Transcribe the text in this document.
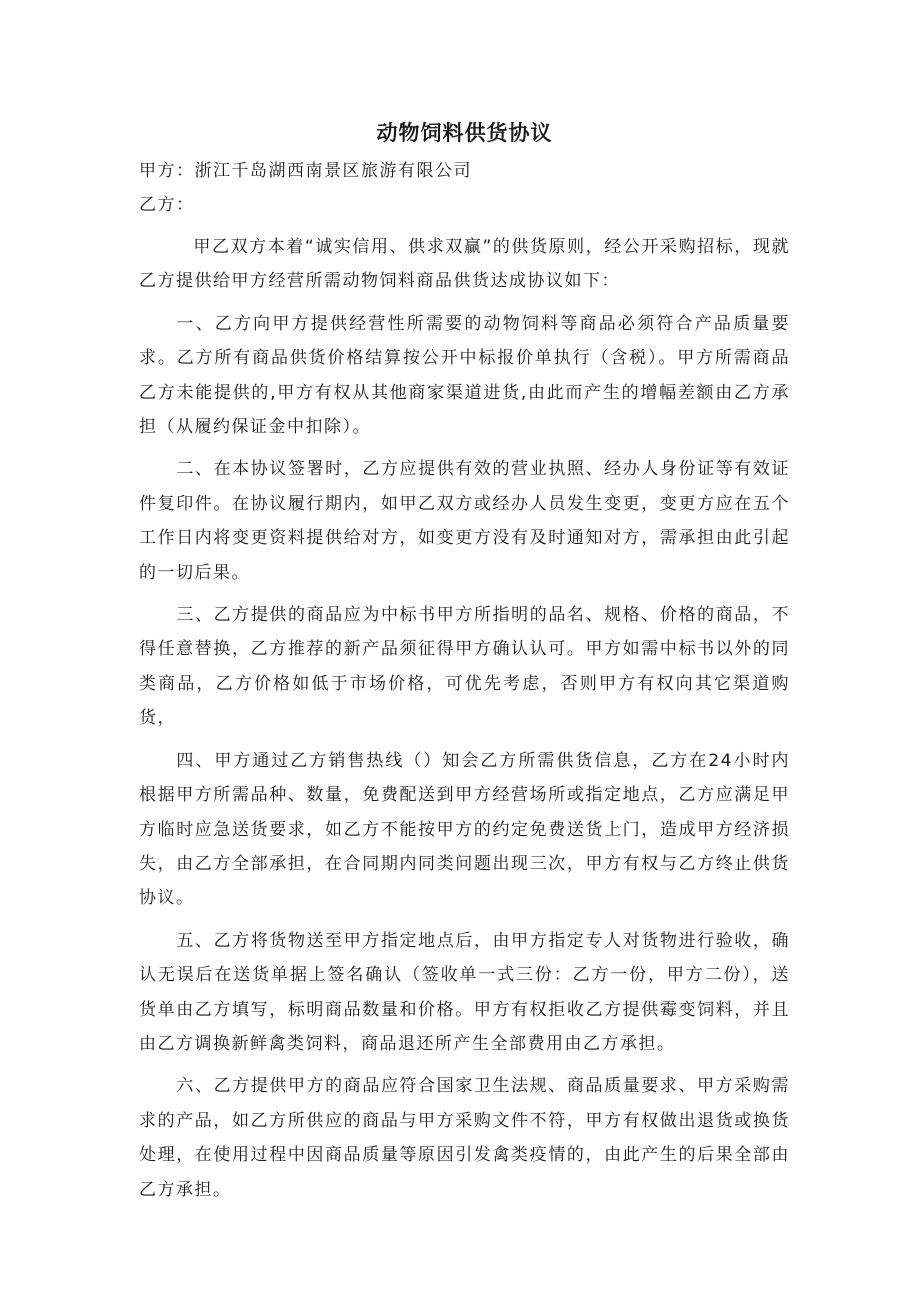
动物饲料供货协议

甲方：浙江千岛湖西南景区旅游有限公司

乙方：

甲乙双方本着“诚实信用、供求双赢”的供货原则，经公开采购招标，现就乙方提供给甲方经营所需动物饲料商品供货达成协议如下：

一、乙方向甲方提供经营性所需要的动物饲料等商品必须符合产品质量要求。乙方所有商品供货价格结算按公开中标报价单执行（含税）。甲方所需商品乙方未能提供的,甲方有权从其他商家渠道进货,由此而产生的增幅差额由乙方承担（从履约保证金中扣除）。

二、在本协议签署时，乙方应提供有效的营业执照、经办人身份证等有效证件复印件。在协议履行期内，如甲乙双方或经办人员发生变更，变更方应在五个工作日内将变更资料提供给对方，如变更方没有及时通知对方，需承担由此引起的一切后果。

三、乙方提供的商品应为中标书甲方所指明的品名、规格、价格的商品，不得任意替换，乙方推荐的新产品须征得甲方确认认可。甲方如需中标书以外的同类商品，乙方价格如低于市场价格，可优先考虑，否则甲方有权向其它渠道购货，

四、甲方通过乙方销售热线（）知会乙方所需供货信息，乙方在24小时内根据甲方所需品种、数量，免费配送到甲方经营场所或指定地点，乙方应满足甲方临时应急送货要求，如乙方不能按甲方的约定免费送货上门，造成甲方经济损失，由乙方全部承担，在合同期内同类问题出现三次，甲方有权与乙方终止供货协议。

五、乙方将货物送至甲方指定地点后，由甲方指定专人对货物进行验收，确认无误后在送货单据上签名确认（签收单一式三份：乙方一份，甲方二份），送货单由乙方填写，标明商品数量和价格。甲方有权拒收乙方提供霉变饲料，并且由乙方调换新鲜禽类饲料，商品退还所产生全部费用由乙方承担。

六、乙方提供甲方的商品应符合国家卫生法规、商品质量要求、甲方采购需求的产品，如乙方所供应的商品与甲方采购文件不符，甲方有权做出退货或换货处理，在使用过程中因商品质量等原因引发禽类疫情的，由此产生的后果全部由乙方承担。
